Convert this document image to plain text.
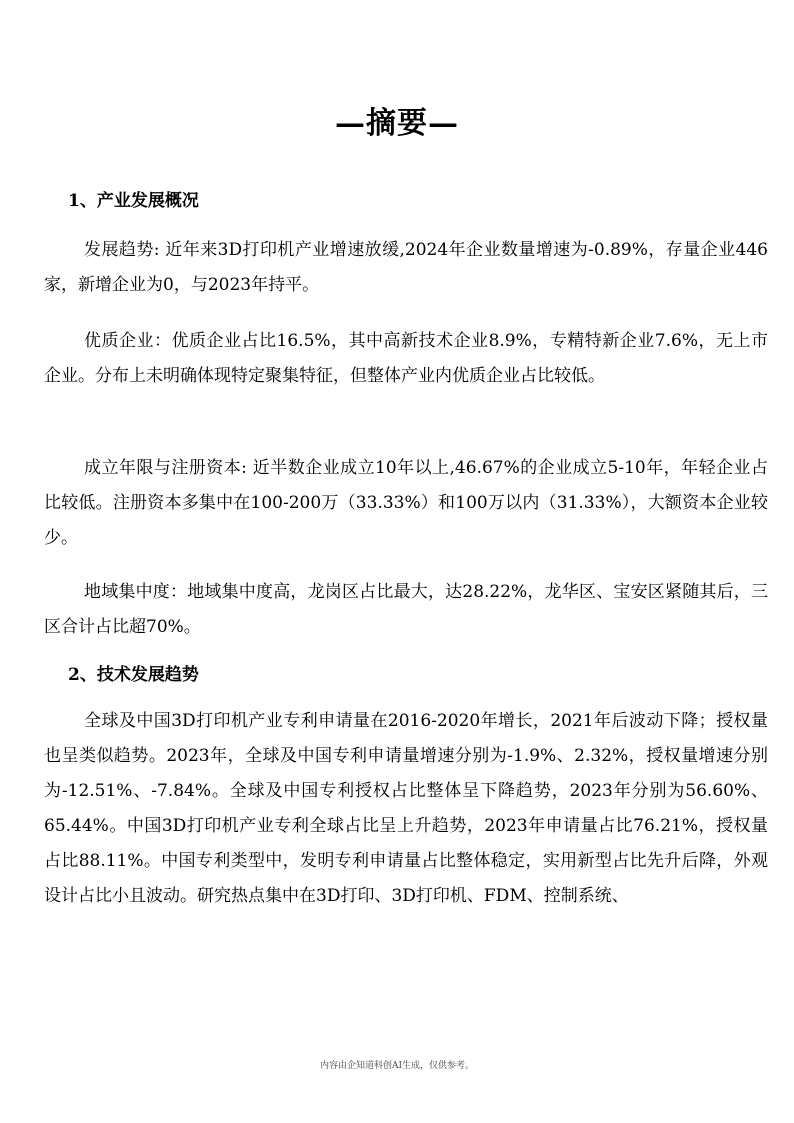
—摘要—
1、产业发展概况

发展趋势: 近年来3D打印机产业增速放缓,2024年企业数量增速为-0.89%，存量企业446家，新增企业为0，与2023年持平。

优质企业：优质企业占比16.5%，其中高新技术企业8.9%，专精特新企业7.6%，无上市企业。分布上未明确体现特定聚集特征，但整体产业内优质企业占比较低。

成立年限与注册资本: 近半数企业成立10年以上,46.67%的企业成立5-10年，年轻企业占比较低。注册资本多集中在100-200万（33.33%）和100万以内（31.33%），大额资本企业较少。

地域集中度：地域集中度高，龙岗区占比最大，达28.22%，龙华区、宝安区紧随其后，三区合计占比超70%。

2、技术发展趋势

全球及中国3D打印机产业专利申请量在2016-2020年增长，2021年后波动下降；授权量也呈类似趋势。2023年，全球及中国专利申请量增速分别为-1.9%、2.32%，授权量增速分别为-12.51%、-7.84%。全球及中国专利授权占比整体呈下降趋势，2023年分别为56.60%、65.44%。中国3D打印机产业专利全球占比呈上升趋势，2023年申请量占比76.21%，授权量占比88.11%。中国专利类型中，发明专利申请量占比整体稳定，实用新型占比先升后降，外观设计占比小且波动。研究热点集中在3D打印、3D打印机、FDM、控制系统、

内容由企知道科创AI生成，仅供参考。
